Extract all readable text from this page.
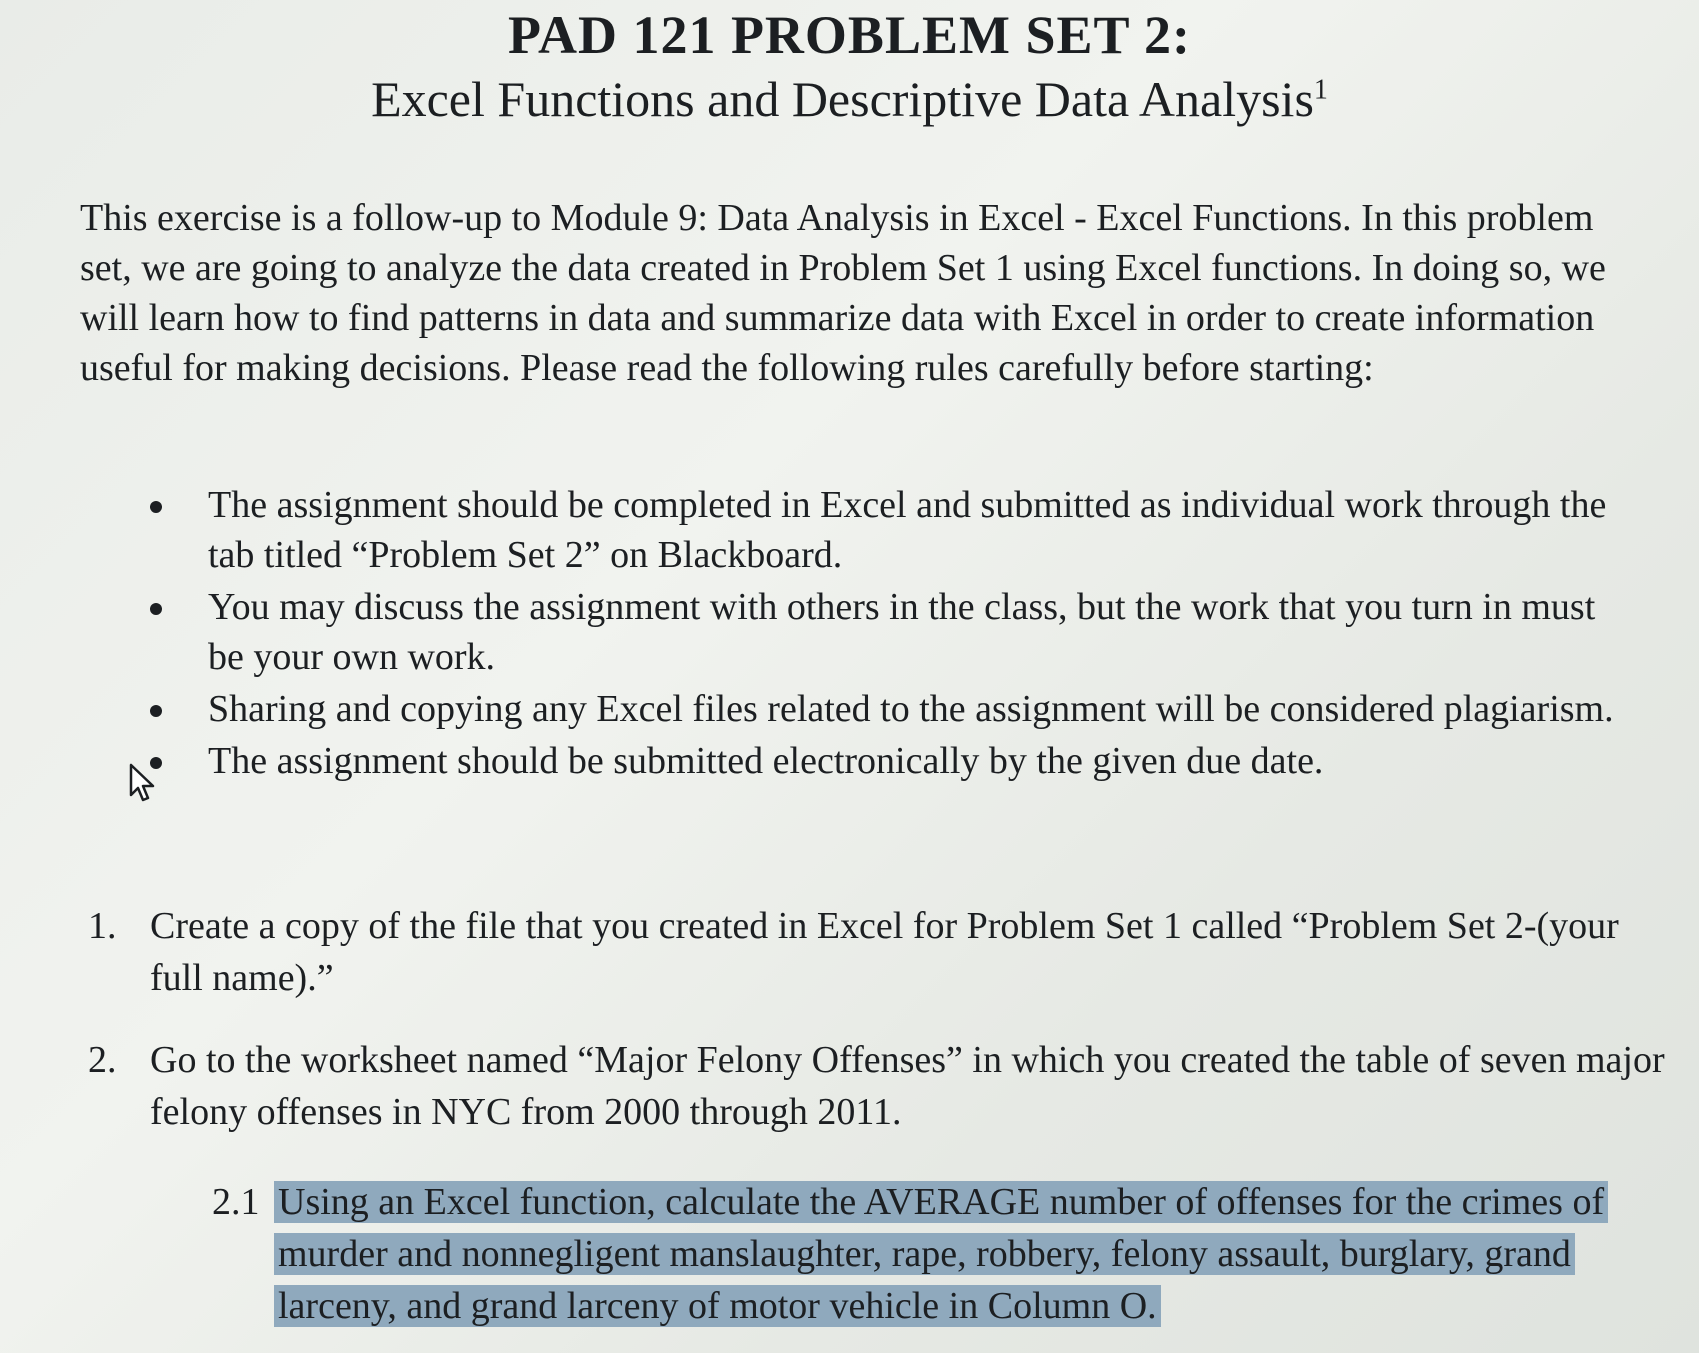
PAD 121 PROBLEM SET 2:
Excel Functions and Descriptive Data Analysis$^1$
This exercise is a follow-up to Module 9: Data Analysis in Excel - Excel Functions. In this problem set, we are going to analyze the data created in Problem Set 1 using Excel functions. In doing so, we will learn how to find patterns in data and summarize data with Excel in order to create information useful for making decisions. Please read the following rules carefully before starting:
The assignment should be completed in Excel and submitted as individual work through the tab titled “Problem Set 2” on Blackboard.
You may discuss the assignment with others in the class, but the work that you turn in must be your own work.
Sharing and copying any Excel files related to the assignment will be considered plagiarism.
The assignment should be submitted electronically by the given due date.
1. Create a copy of the file that you created in Excel for Problem Set 1 called “Problem Set 2-(your full name).”
2. Go to the worksheet named “Major Felony Offenses” in which you created the table of seven major felony offenses in NYC from 2000 through 2011.
2.1 Using an Excel function, calculate the AVERAGE number of offenses for the crimes of murder and nonnegligent manslaughter, rape, robbery, felony assault, burglary, grand larceny, and grand larceny of motor vehicle in Column O.
